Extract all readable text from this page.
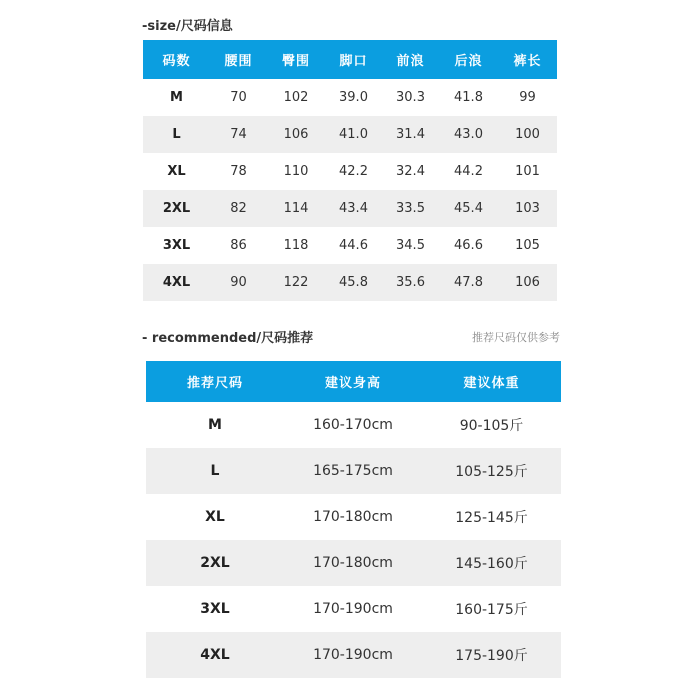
-size/尺码信息
码数	腰围	臀围	脚口	前浪	后浪	裤长
M	70	102	39.0	30.3	41.8	99
L	74	106	41.0	31.4	43.0	100
XL	78	110	42.2	32.4	44.2	101
2XL	82	114	43.4	33.5	45.4	103
3XL	86	118	44.6	34.5	46.6	105
4XL	90	122	45.8	35.6	47.8	106
- recommended/尺码推荐	推荐尺码仅供参考
推荐尺码	建议身高	建议体重
M	160-170cm	90-105斤
L	165-175cm	105-125斤
XL	170-180cm	125-145斤
2XL	170-180cm	145-160斤
3XL	170-190cm	160-175斤
4XL	170-190cm	175-190斤
